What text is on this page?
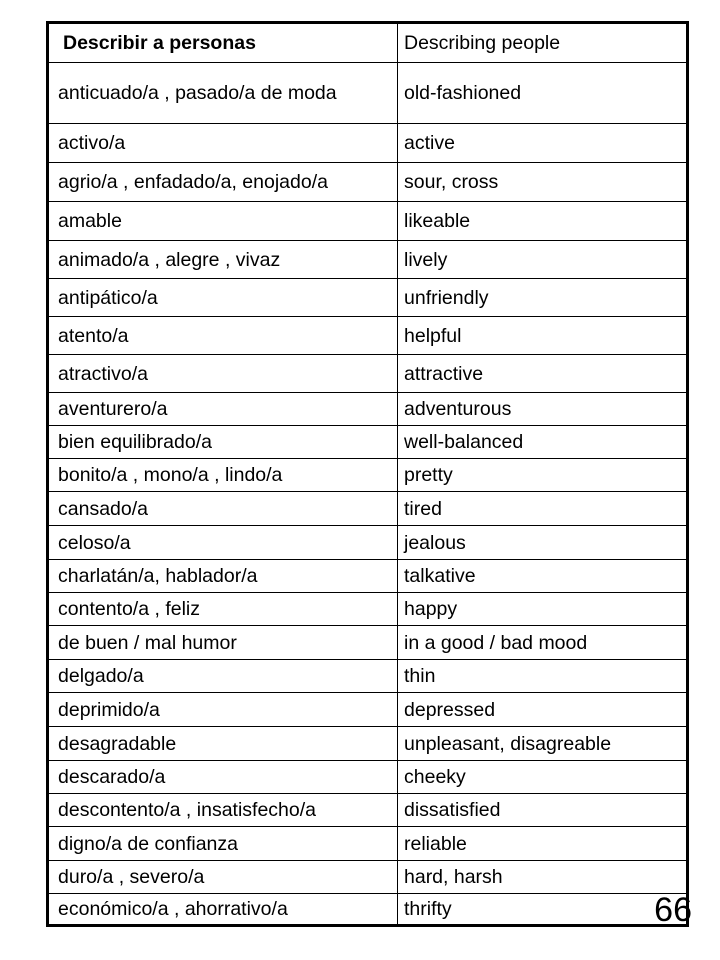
Describir a personas	Describing people
anticuado/a , pasado/a de moda	old-fashioned
activo/a	active
agrio/a , enfadado/a, enojado/a	sour, cross
amable	likeable
animado/a , alegre , vivaz	lively
antipático/a	unfriendly
atento/a	helpful
atractivo/a	attractive
aventurero/a	adventurous
bien equilibrado/a	well-balanced
bonito/a , mono/a , lindo/a	pretty
cansado/a	tired
celoso/a	jealous
charlatán/a, hablador/a	talkative
contento/a , feliz	happy
de buen / mal humor	in a good / bad mood
delgado/a	thin
deprimido/a	depressed
desagradable	unpleasant, disagreable
descarado/a	cheeky
descontento/a , insatisfecho/a	dissatisfied
digno/a de confianza	reliable
duro/a , severo/a	hard, harsh
económico/a , ahorrativo/a	thrifty	66
